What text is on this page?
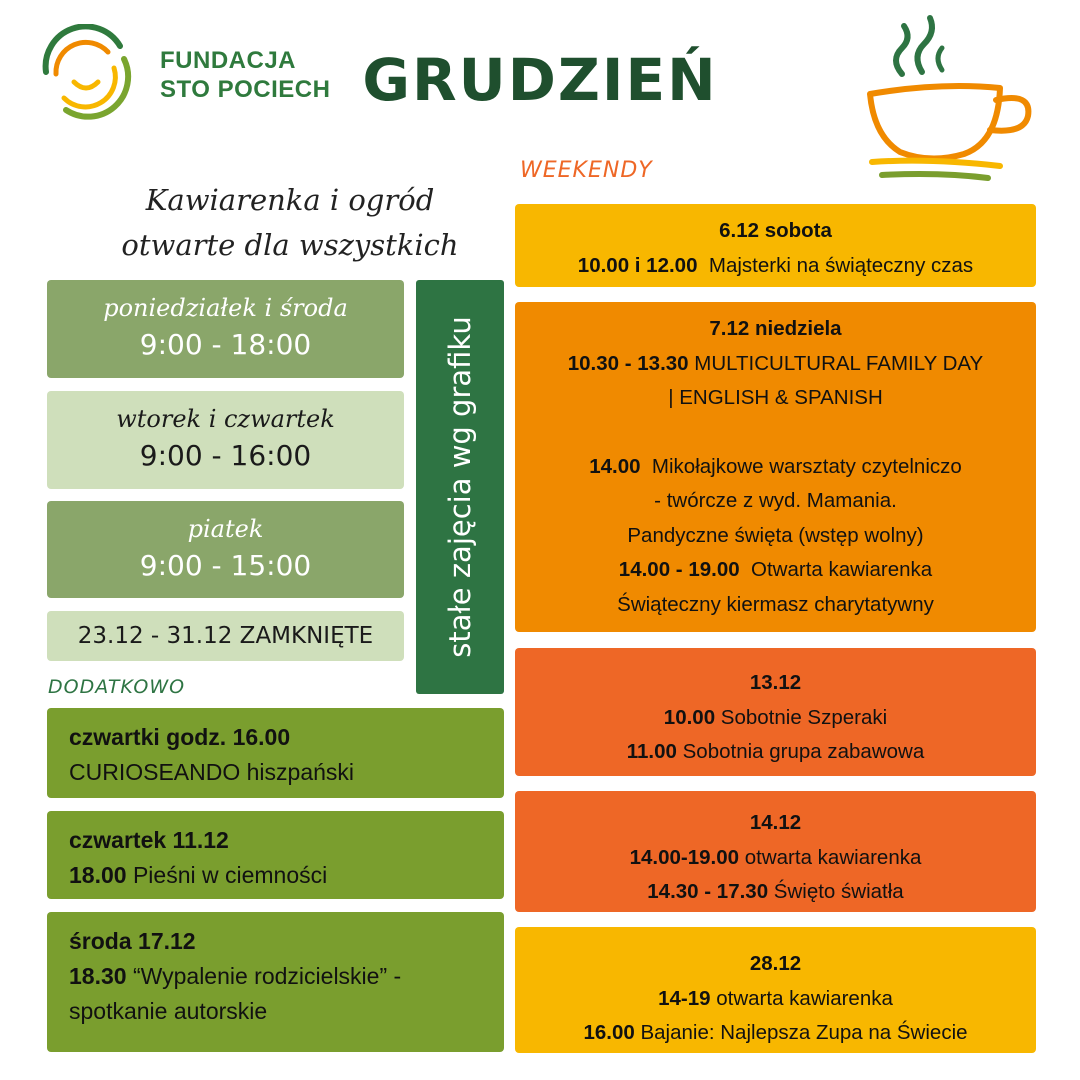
FUNDACJA
STO POCIECH GRUDZIEŃ
Kawiarenka i ogród
otwarte dla wszystkich
poniedziałek i środa
9:00 - 18:00
wtorek i czwartek
9:00 - 16:00
piatek
9:00 - 15:00
23.12 - 31.12 ZAMKNIĘTE	stałe zajęcia wg grafiku
DODATKOWO
czwartki godz. 16.00
CURIOSEANDO hiszpański
czwartek 11.12
18.00 Pieśni w ciemności
środa 17.12
18.30 “Wypalenie rodzicielskie” -
spotkanie autorskie
WEEKENDY
6.12 sobota
10.00 i 12.00  Majsterki na świąteczny czas
7.12 niedziela
10.30 - 13.30 MULTICULTURAL FAMILY DAY
| ENGLISH & SPANISH
14.00  Mikołajkowe warsztaty czytelniczo
- twórcze z wyd. Mamania.
Pandyczne święta (wstęp wolny)
14.00 - 19.00  Otwarta kawiarenka
Świąteczny kiermasz charytatywny
13.12
10.00 Sobotnie Szperaki
11.00 Sobotnia grupa zabawowa
14.12
14.00-19.00 otwarta kawiarenka
14.30 - 17.30 Święto światła
28.12
14-19 otwarta kawiarenka
16.00 Bajanie: Najlepsza Zupa na Świecie
